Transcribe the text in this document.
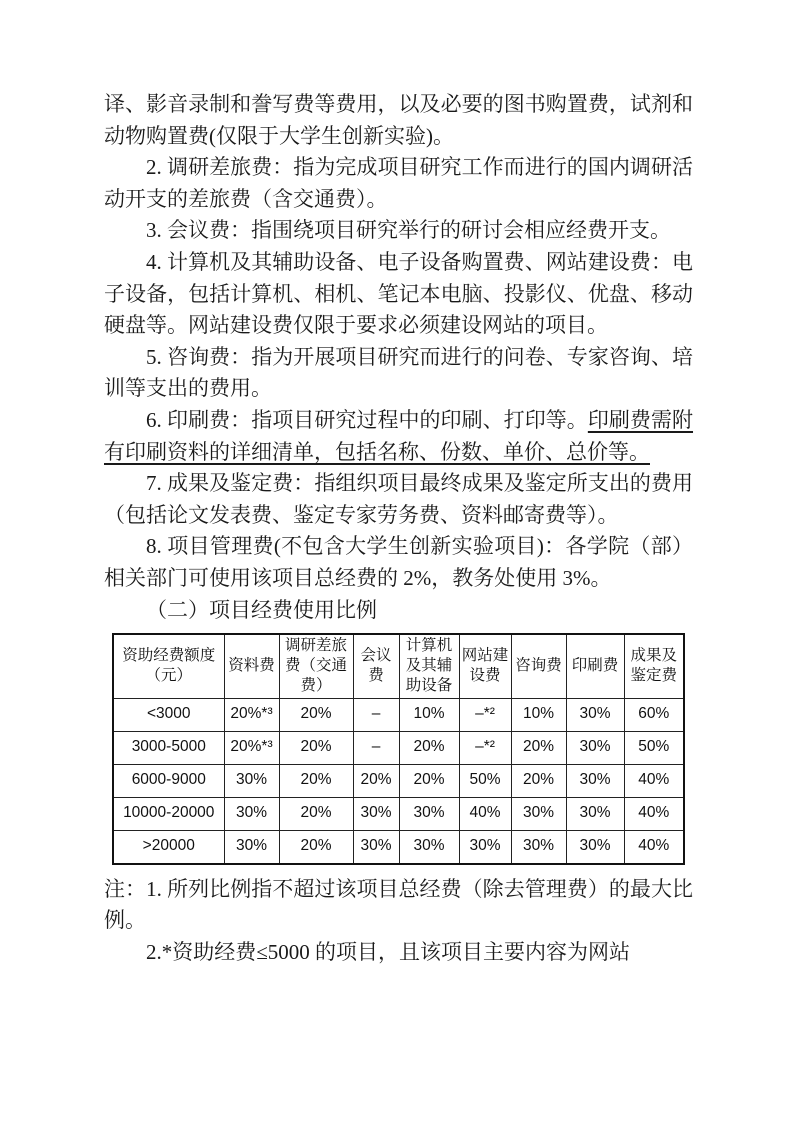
译、影音录制和誊写费等费用，以及必要的图书购置费，试剂和动物购置费(仅限于大学生创新实验)。

2. 调研差旅费：指为完成项目研究工作而进行的国内调研活动开支的差旅费（含交通费）。

3. 会议费：指围绕项目研究举行的研讨会相应经费开支。

4. 计算机及其辅助设备、电子设备购置费、网站建设费：电子设备，包括计算机、相机、笔记本电脑、投影仪、优盘、移动硬盘等。网站建设费仅限于要求必须建设网站的项目。

5. 咨询费：指为开展项目研究而进行的问卷、专家咨询、培训等支出的费用。

6. 印刷费：指项目研究过程中的印刷、打印等。印刷费需附有印刷资料的详细清单，包括名称、份数、单价、总价等。

7. 成果及鉴定费：指组织项目最终成果及鉴定所支出的费用（包括论文发表费、鉴定专家劳务费、资料邮寄费等）。

8. 项目管理费(不包含大学生创新实验项目)：各学院（部）相关部门可使用该项目总经费的 2%，教务处使用 3%。

（二）项目经费使用比例

资助经费额度（元）	资料费	调研差旅费（交通费）	会议费	计算机及其辅助设备	网站建设费	咨询费	印刷费	成果及鉴定费
<3000	20%*³	20%	–	10%	–*²	10%	30%	60%
3000-5000	20%*³	20%	–	20%	–*²	20%	30%	50%
6000-9000	30%	20%	20%	20%	50%	20%	30%	40%
10000-20000	30%	20%	30%	30%	40%	30%	30%	40%
>20000	30%	20%	30%	30%	30%	30%	30%	40%

注：1. 所列比例指不超过该项目总经费（除去管理费）的最大比例。

2.*资助经费≤5000 的项目，且该项目主要内容为网站
